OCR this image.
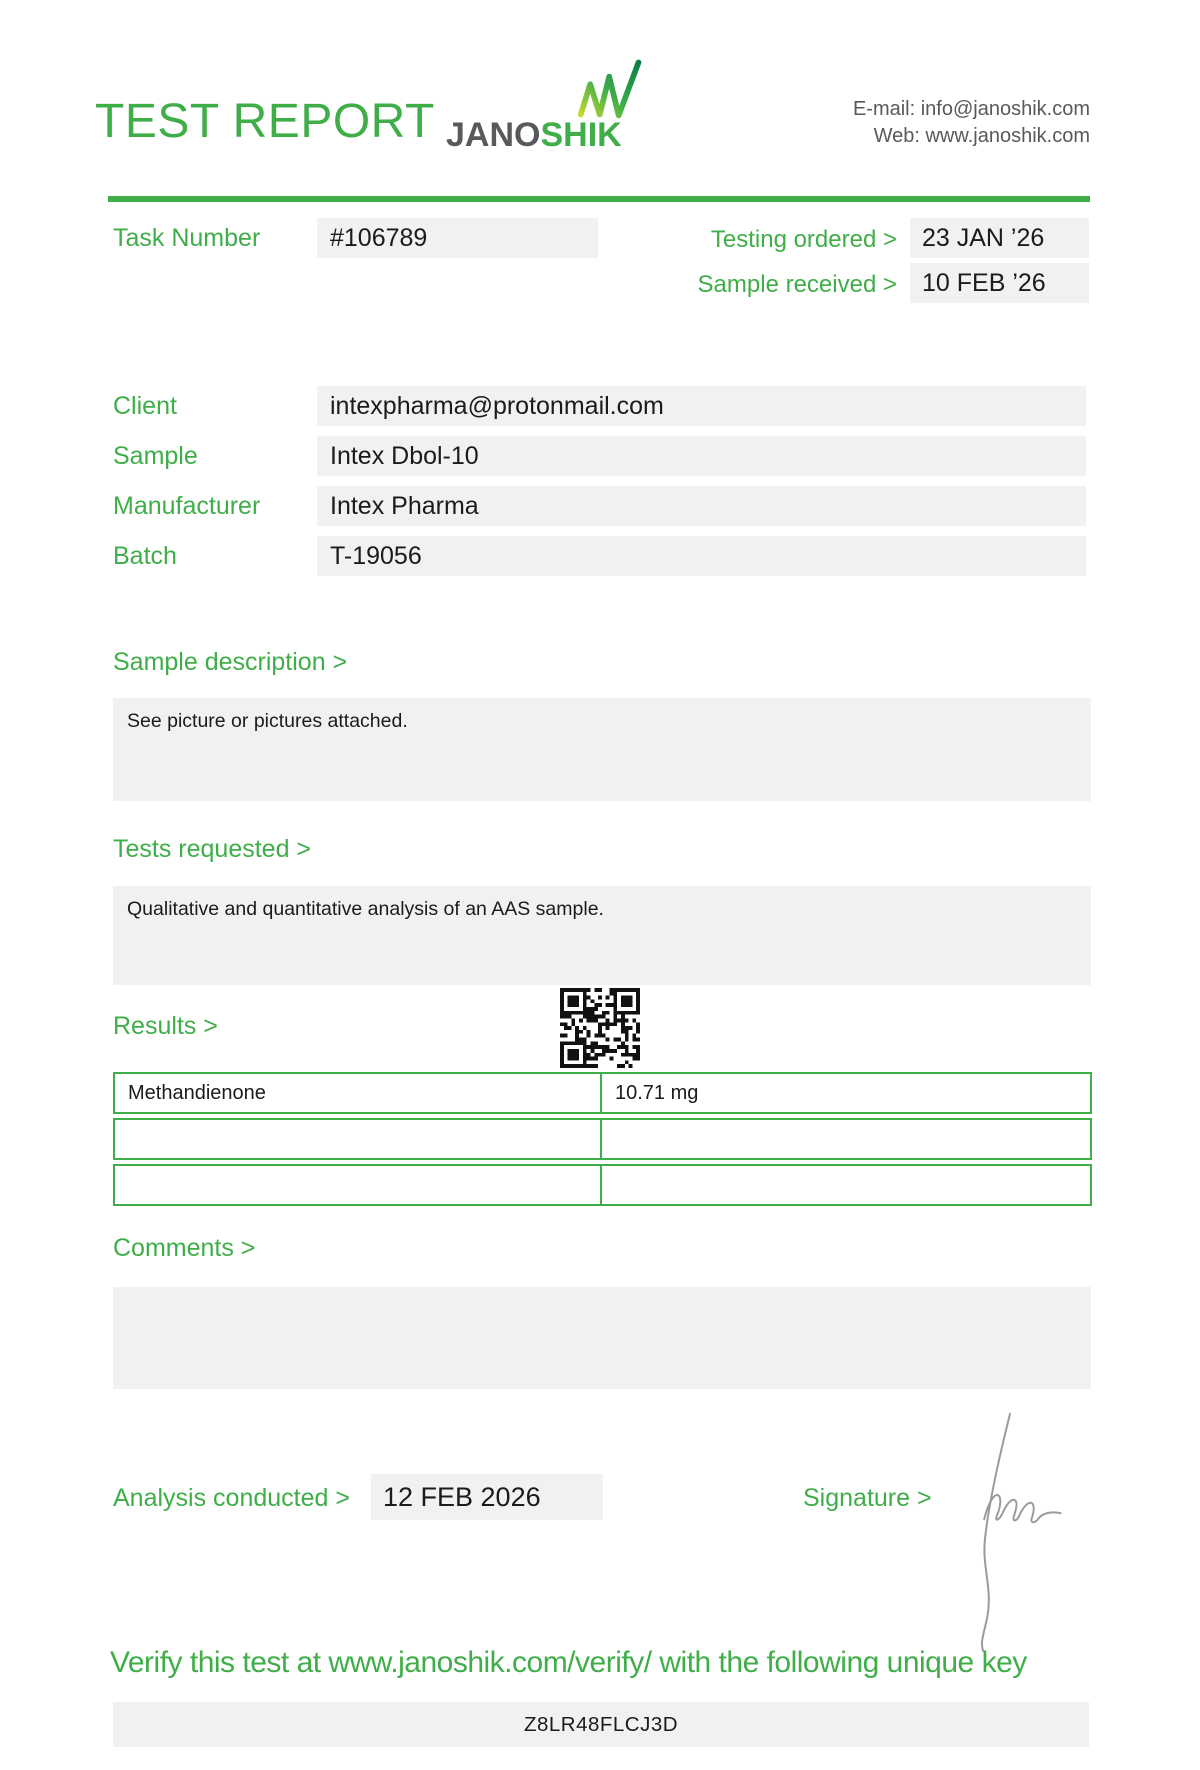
TEST REPORT JANOSHIK
E-mail: info@janoshik.com
Web: www.janoshik.com
Task Number	#106789	Testing ordered >	23 JAN ’26
Sample received >	10 FEB ’26
Client	intexpharma@protonmail.com
Sample	Intex Dbol-10
Manufacturer	Intex Pharma
Batch	T-19056
Sample description >
See picture or pictures attached.
Tests requested >
Qualitative and quantitative analysis of an AAS sample.
Results >
Methandienone	10.71 mg
Comments >
Analysis conducted >	12 FEB 2026	Signature >
Verify this test at www.janoshik.com/verify/ with the following unique key
Z8LR48FLCJ3D
